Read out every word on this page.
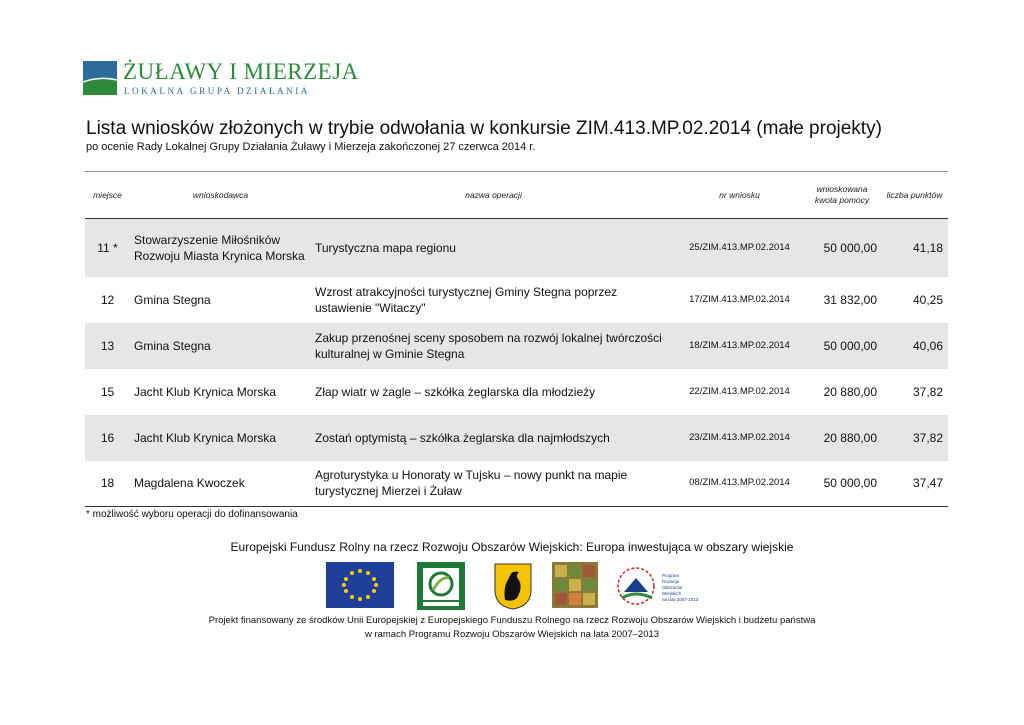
ŻUŁAWY I MIERZEJA
LOKALNA GRUPA DZIAŁANIA
Lista wniosków złożonych w trybie odwołania w konkursie ZIM.413.MP.02.2014 (małe projekty)
po ocenie Rady Lokalnej Grupy Działania Żuławy i Mierzeja zakończonej 27 czerwca 2014 r.
miejsce	wnioskodawca	nazwa operacji	nr wniosku	wnioskowana
kwota pomocy	liczba punktów
11 *	Stowarzyszenie Miłośników Rozwoju Miasta Krynica Morska	Turystyczna mapa regionu	25/ZIM.413.MP.02.2014	50 000,00	41,18
12	Gmina Stegna	Wzrost atrakcyjności turystycznej Gminy Stegna poprzez ustawienie "Witaczy"	17/ZIM.413.MP.02.2014	31 832,00	40,25
13	Gmina Stegna	Zakup przenośnej sceny sposobem na rozwój lokalnej twórczości kulturalnej w Gminie Stegna	18/ZIM.413.MP.02.2014	50 000,00	40,06
15	Jacht Klub Krynica Morska	Złap wiatr w żagle – szkółka żeglarska dla młodzieży	22/ZIM.413.MP.02.2014	20 880,00	37,82
16	Jacht Klub Krynica Morska	Zostań optymistą – szkółka żeglarska dla najmłodszych	23/ZIM.413.MP.02.2014	20 880,00	37,82
18	Magdalena Kwoczek	Agroturystyka u Honoraty w Tujsku – nowy punkt na mapie turystycznej Mierzei i Żuław	08/ZIM.413.MP.02.2014	50 000,00	37,47
* możliwość wyboru operacji do dofinansowania
Europejski Fundusz Rolny na rzecz Rozwoju Obszarów Wiejskich: Europa inwestująca w obszary wiejskie
Program
Rozwoju
Obszarów
Wiejskich
na lata 2007-2013
Projekt finansowany ze środków Unii Europejskiej z Europejskiego Funduszu Rolnego na rzecz Rozwoju Obszarów Wiejskich i budżetu państwa
w ramach Programu Rozwoju Obszarów Wiejskich na lata 2007–2013
